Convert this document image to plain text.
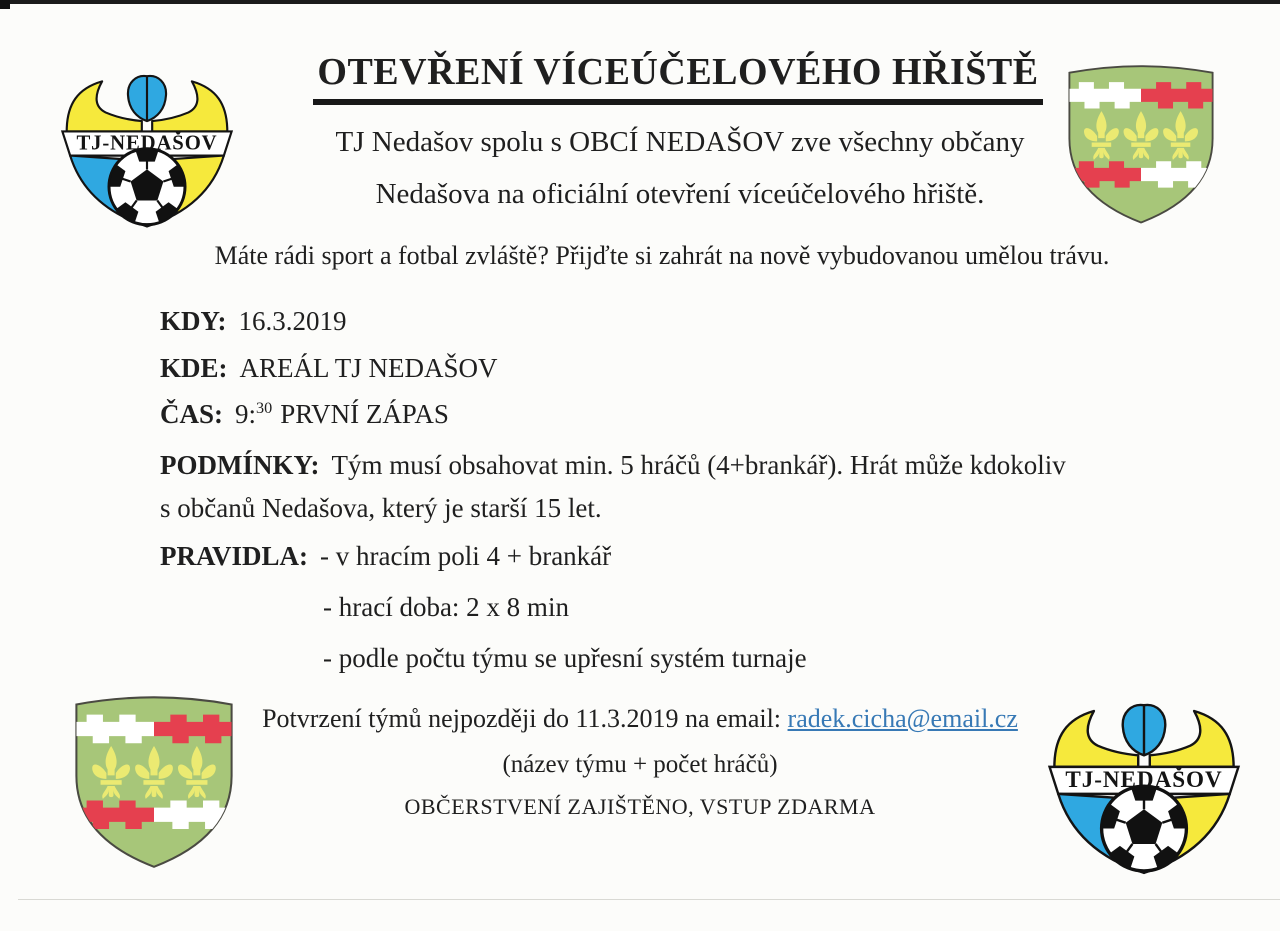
OTEVŘENÍ VÍCEÚČELOVÉHO HŘIŠTĚ
TJ Nedašov spolu s OBCÍ NEDAŠOV zve všechny občany
Nedašova na oficiální otevření víceúčelového hřiště.
Máte rádi sport a fotbal zvláště? Přijďte si zahrát na nově vybudovanou umělou trávu.
KDY: 16.3.2019
KDE: AREÁL TJ NEDAŠOV
ČAS: 9:$^{30}$ PRVNÍ ZÁPAS
PODMÍNKY: Tým musí obsahovat min. 5 hráčů (4+brankář). Hrát může kdokoliv
s občanů Nedašova, který je starší 15 let.
PRAVIDLA: - v hracím poli 4 + brankář
- hrací doba: 2 x 8 min
- podle počtu týmu se upřesní systém turnaje
Potvrzení týmů nejpozději do 11.3.2019 na email: radek.cicha@email.cz
(název týmu + počet hráčů)
OBČERSTVENÍ ZAJIŠTĚNO, VSTUP ZDARMA
